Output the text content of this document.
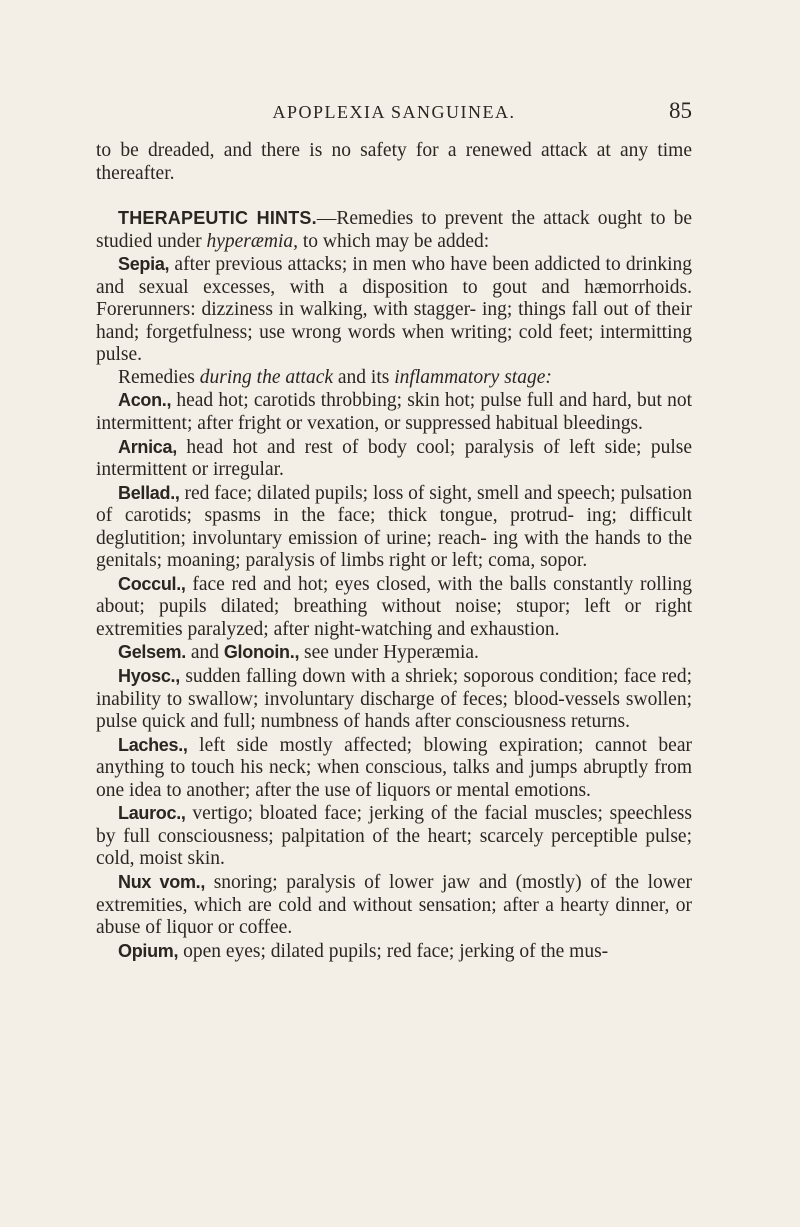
APOPLEXIA SANGUINEA.	85

to be dreaded, and there is no safety for a renewed attack at any time thereafter.

THERAPEUTIC HINTS.—Remedies to prevent the attack ought to be studied under hyperæmia, to which may be added:

Sepia, after previous attacks; in men who have been addicted to drinking and sexual excesses, with a disposition to gout and hæmorrhoids. Forerunners: dizziness in walking, with stagger- ing; things fall out of their hand; forgetfulness; use wrong words when writing; cold feet; intermitting pulse.

Remedies during the attack and its inflammatory stage:

Acon., head hot; carotids throbbing; skin hot; pulse full and hard, but not intermittent; after fright or vexation, or suppressed habitual bleedings.

Arnica, head hot and rest of body cool; paralysis of left side; pulse intermittent or irregular.

Bellad., red face; dilated pupils; loss of sight, smell and speech; pulsation of carotids; spasms in the face; thick tongue, protrud- ing; difficult deglutition; involuntary emission of urine; reach- ing with the hands to the genitals; moaning; paralysis of limbs right or left; coma, sopor.

Coccul., face red and hot; eyes closed, with the balls constantly rolling about; pupils dilated; breathing without noise; stupor; left or right extremities paralyzed; after night-watching and exhaustion.

Gelsem. and Glonoin., see under Hyperæmia.

Hyosc., sudden falling down with a shriek; soporous condition; face red; inability to swallow; involuntary discharge of feces; blood-vessels swollen; pulse quick and full; numbness of hands after consciousness returns.

Laches., left side mostly affected; blowing expiration; cannot bear anything to touch his neck; when conscious, talks and jumps abruptly from one idea to another; after the use of liquors or mental emotions.

Lauroc., vertigo; bloated face; jerking of the facial muscles; speechless by full consciousness; palpitation of the heart; scarcely perceptible pulse; cold, moist skin.

Nux vom., snoring; paralysis of lower jaw and (mostly) of the lower extremities, which are cold and without sensation; after a hearty dinner, or abuse of liquor or coffee.

Opium, open eyes; dilated pupils; red face; jerking of the mus-
